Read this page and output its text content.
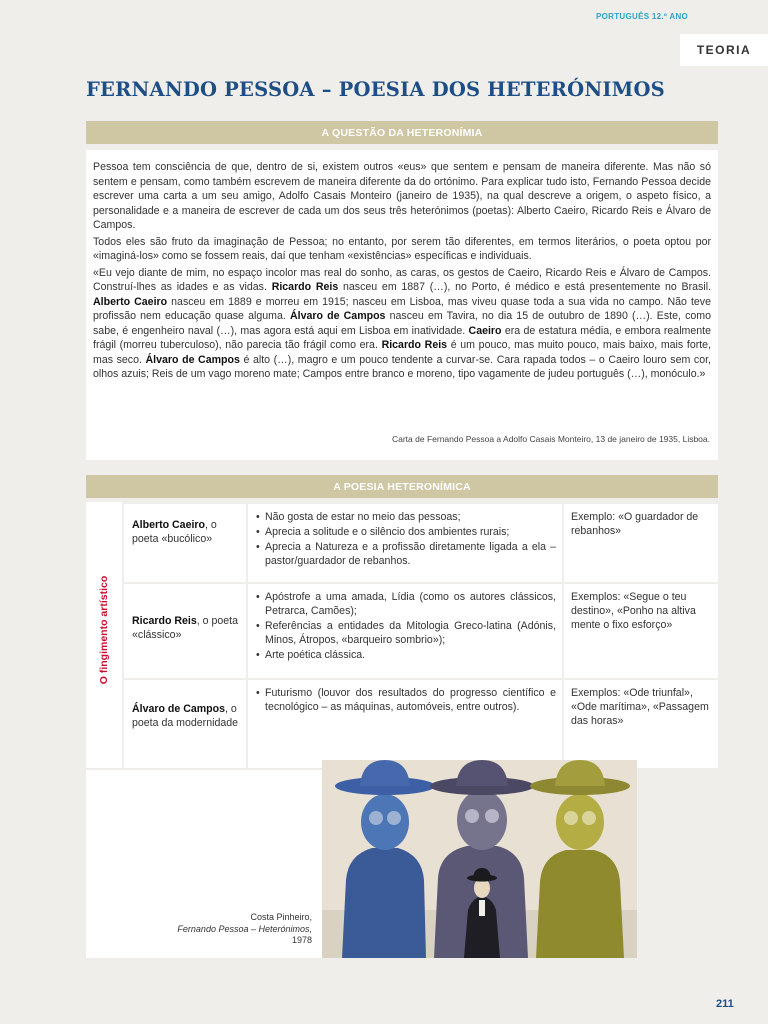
PORTUGUÊS 12.º ANO
TEORIA
FERNANDO PESSOA – POESIA DOS HETERÓNIMOS
A QUESTÃO DA HETERONÍMIA

Pessoa tem consciência de que, dentro de si, existem outros «eus» que sentem e pensam de maneira diferente. Mas não só sentem e pensam, como também escrevem de maneira diferente da do ortónimo. Para explicar tudo isto, Fernando Pessoa decide escrever uma carta a um seu amigo, Adolfo Casais Monteiro (janeiro de 1935), na qual descreve a origem, o aspeto físico, a personalidade e a maneira de escrever de cada um dos seus três heterónimos (poetas): Alberto Caeiro, Ricardo Reis e Álvaro de Campos.

Todos eles são fruto da imaginação de Pessoa; no entanto, por serem tão diferentes, em termos literários, o poeta optou por «imaginá-los» como se fossem reais, daí que tenham «existências» específicas e individuais.

«Eu vejo diante de mim, no espaço incolor mas real do sonho, as caras, os gestos de Caeiro, Ricardo Reis e Álvaro de Campos. Construí-lhes as idades e as vidas. Ricardo Reis nasceu em 1887 (…), no Porto, é médico e está presentemente no Brasil. Alberto Caeiro nasceu em 1889 e morreu em 1915; nasceu em Lisboa, mas viveu quase toda a sua vida no campo. Não teve profissão nem educação quase alguma. Álvaro de Campos nasceu em Tavira, no dia 15 de outubro de 1890 (…). Este, como sabe, é engenheiro naval (…), mas agora está aqui em Lisboa em inatividade. Caeiro era de estatura média, e embora realmente frágil (morreu tuberculoso), não parecia tão frágil como era. Ricardo Reis é um pouco, mas muito pouco, mais baixo, mais forte, mas seco. Álvaro de Campos é alto (…), magro e um pouco tendente a curvar-se. Cara rapada todos – o Caeiro louro sem cor, olhos azuis; Reis de um vago moreno mate; Campos entre branco e moreno, tipo vagamente de judeu português (…), monóculo.»

Carta de Fernando Pessoa a Adolfo Casais Monteiro, 13 de janeiro de 1935, Lisboa.
A POESIA HETERONÍMICA
O fingimento artístico
Alberto Caeiro, o poeta «bucólico»
• Não gosta de estar no meio das pessoas;
• Aprecia a solitude e o silêncio dos ambientes rurais;
• Aprecia a Natureza e a profissão diretamente ligada a ela – pastor/guardador de rebanhos.
Exemplo: «O guardador de rebanhos»
Ricardo Reis, o poeta «clássico»
• Apóstrofe a uma amada, Lídia (como os autores clássicos, Petrarca, Camões);
• Referências a entidades da Mitologia Greco-latina (Adónis, Minos, Átropos, «barqueiro sombrio»);
• Arte poética clássica.
Exemplos: «Segue o teu destino», «Ponho na altiva mente o fixo esforço»
Álvaro de Campos, o poeta da modernidade
• Futurismo (louvor dos resultados do progresso científico e tecnológico – as máquinas, automóveis, entre outros).
Exemplos: «Ode triunfal», «Ode marítima», «Passagem das horas»
Costa Pinheiro,
Fernando Pessoa – Heterónimos,
1978
211
